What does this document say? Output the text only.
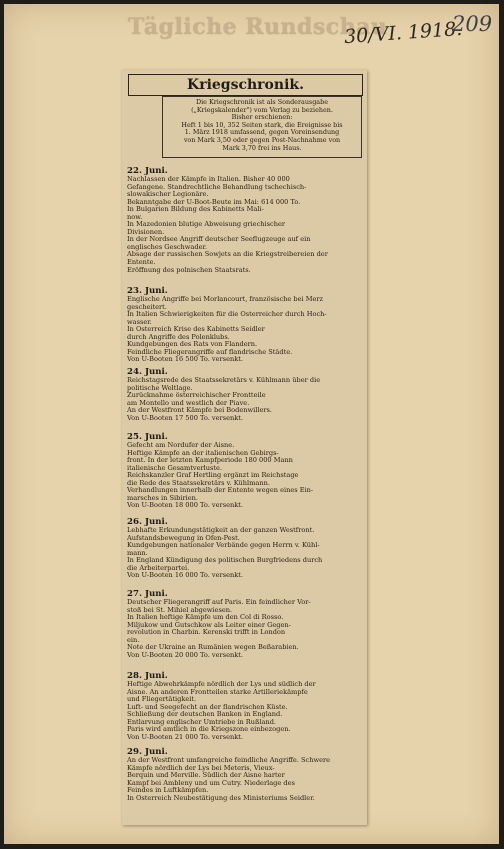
Tägliche Rundschau
30/VI. 1918.
209
Kriegschronik.
Die Kriegschronik ist als Sonderausgabe
(„Kriegskalender") vom Verlag zu beziehen.
Bisher erschienen:
Heft 1 bis 10, 352 Seiten stark, die Ereignisse bis
1. März 1918 umfassend, gegen Voreinsendung
von Mark 3,50 oder gegen Post-Nachnahme von
Mark 3,70 frei ins Haus.
22. Juni.
Nachlassen der Kämpfe in Italien. Bisher 40 000
Gefangene. Standrechtliche Behandlung tschechisch-
slowakischer Legionäre.
Bekanntgabe der U-Boot-Beute im Mai: 614 000 To.
In Bulgarien Bildung des Kabinetts Mali-
now.
In Mazedonien blutige Abweisung griechischer
Divisionen.
In der Nordsee Angriff deutscher Seeflugzeuge auf ein
englisches Geschwader.
Absage der russischen Sowjets an die Kriegstreibereien der
Entente.
Eröffnung des polnischen Staatsrats.
23. Juni.
Englische Angriffe bei Morlancourt, französische bei Merz
gescheitert.
In Italien Schwierigkeiten für die Österreicher durch Hoch-
wasser.
In Österreich Krise des Kabinetts Seidler
durch Angriffe des Polenklubs.
Kundgebungen des Rats von Flandern.
Feindliche Fliegerangriffe auf flandrische Städte.
Von U-Booten 16 500 To. versenkt.
24. Juni.
Reichstagsrede des Staatssekretärs v. Kühlmann über die
politische Weltlage.
Zurücknahme österreichischer Frontteile
am Montello und westlich der Piave.
An der Westfront Kämpfe bei Bodenwillers.
Von U-Booten 17 500 To. versenkt.
25. Juni.
Gefecht am Nordufer der Aisne.
Heftige Kämpfe an der italienischen Gebirgs-
front. In der letzten Kampfperiode 180 000 Mann
italienische Gesamtverluste.
Reichskanzler Graf Hertling ergänzt im Reichstage
die Rede des Staatssekretärs v. Kühlmann.
Verhandlungen innerhalb der Entente wegen eines Ein-
marsches in Sibirien.
Von U-Booten 18 000 To. versenkt.
26. Juni.
Lebhafte Erkundungstätigkeit an der ganzen Westfront.
Aufstandsbewegung in Ofen-Pest.
Kundgebungen nationaler Verbände gegen Herrn v. Kühl-
mann.
In England Kündigung des politischen Burgfriedens durch
die Arbeiterpartei.
Von U-Booten 16 000 To. versenkt.
27. Juni.
Deutscher Fliegerangriff auf Paris. Ein feindlicher Vor-
stoß bei St. Mihiel abgewiesen.
In Italien heftige Kämpfe um den Col di Rosso.
Miljukow und Gutschkow als Leiter einer Gegen-
revolution in Charbin. Kerenski trifft in London
ein.
Note der Ukraine an Rumänien wegen Beßarabien.
Von U-Booten 20 000 To. versenkt.
28. Juni.
Heftige Abwehrkämpfe nördlich der Lys und südlich der
Aisne. An anderen Frontteilen starke Artilleriekämpfe
und Fliegertätigkeit.
Luft- und Seegefecht an der flandrischen Küste.
Schließung der deutschen Banken in England.
Entlarvung englischer Umtriebe in Rußland.
Paris wird amtlich in die Kriegszone einbezogen.
Von U-Booten 21 000 To. versenkt.
29. Juni.
An der Westfront umfangreiche feindliche Angriffe. Schwere
Kämpfe nördlich der Lys bei Meteris, Vieux-
Berquin und Merville. Südlich der Aisne harter
Kampf bei Ambleny und um Cutry. Niederlage des
Feindes in Luftkämpfen.
In Österreich Neubestätigung des Ministeriums Seidler.
